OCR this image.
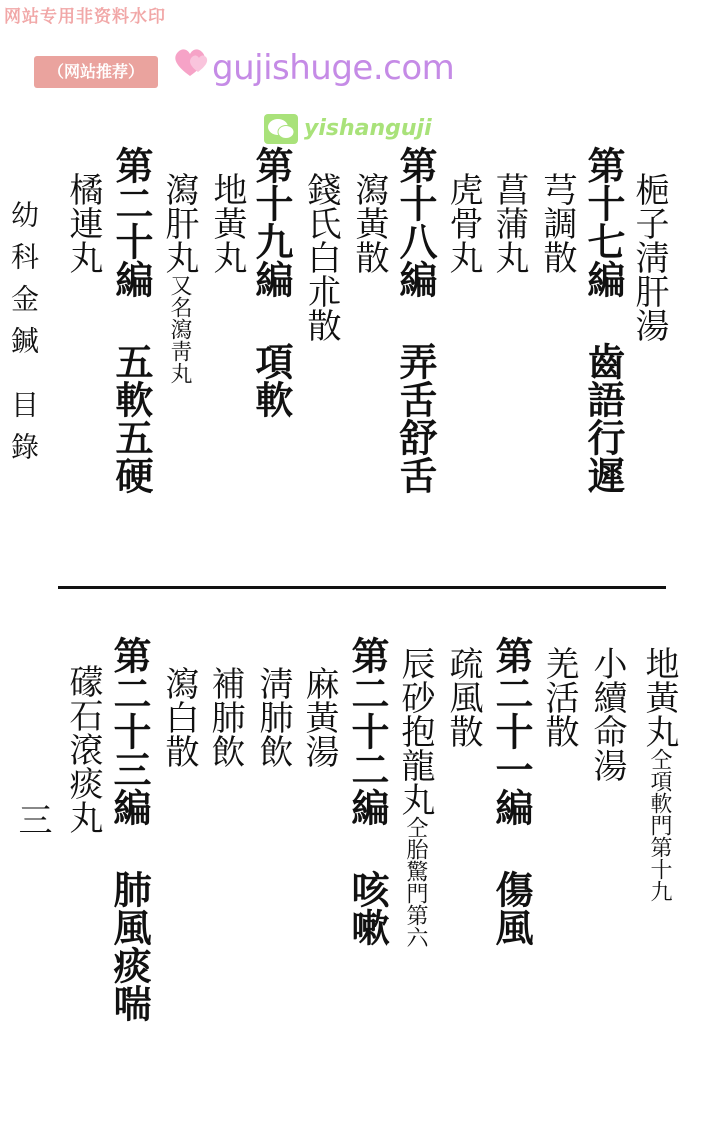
网站专用非资料水印
（网站推荐）	gujishuge.com
yishanguji
幼科金鍼目錄
三
梔子淸肝湯
第十七編齒語行遲
芎調散
菖蒲丸
虎骨丸
第十八編弄舌舒舌
瀉黃散
錢氏白朮散
第十九編項軟
地黃丸
瀉肝丸又名瀉靑丸
第二十編五軟五硬
橘連丸
地黃丸仝項軟門第十九
小續命湯
羌活散
第二十一編傷風
疏風散
辰砂抱龍丸仝胎驚門第六
第二十二編咳嗽
麻黃湯
淸肺飲
補肺飲
瀉白散
第二十三編肺風痰喘
礞石滾痰丸
